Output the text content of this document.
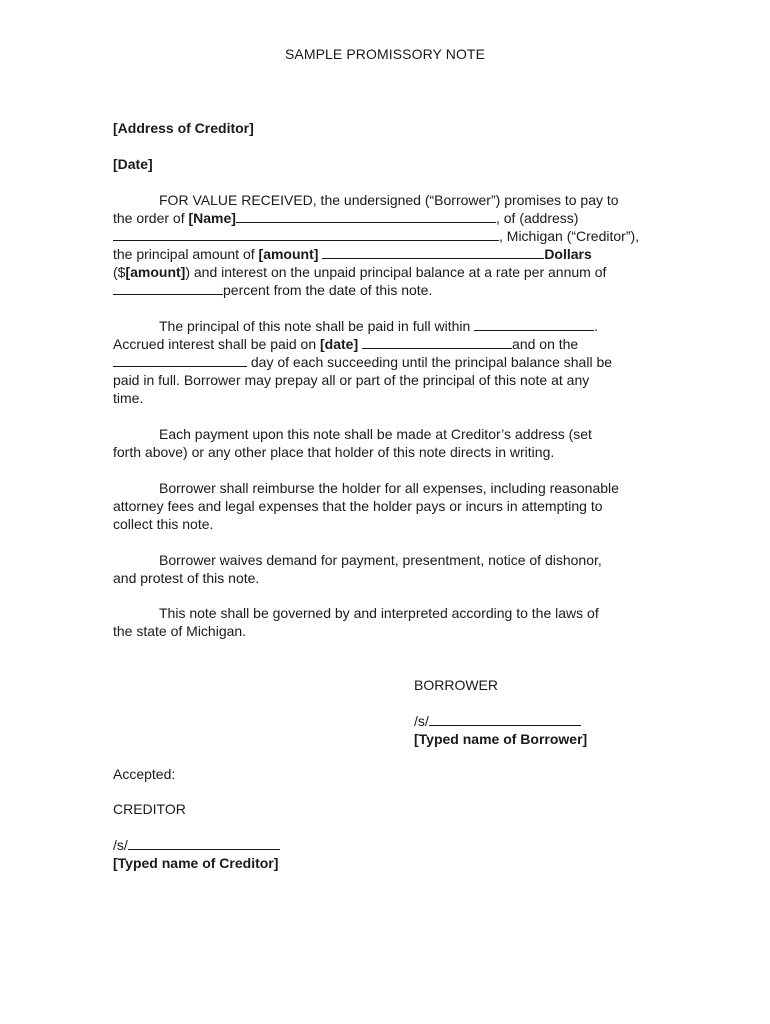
SAMPLE PROMISSORY NOTE
[Address of Creditor]
[Date]
FOR VALUE RECEIVED, the undersigned (“Borrower”) promises to pay to
the order of [Name]	, of (address)
, Michigan (“Creditor”),
the principal amount of [amount]	Dollars
($[amount]) and interest on the unpaid principal balance at a rate per annum of
percent from the date of this note.
The principal of this note shall be paid in full within	.
Accrued interest shall be paid on [date]	and on the
day of each succeeding until the principal balance shall be
paid in full. Borrower may prepay all or part of the principal of this note at any
time.
Each payment upon this note shall be made at Creditor’s address (set
forth above) or any other place that holder of this note directs in writing.
Borrower shall reimburse the holder for all expenses, including reasonable
attorney fees and legal expenses that the holder pays or incurs in attempting to
collect this note.
Borrower waives demand for payment, presentment, notice of dishonor,
and protest of this note.
This note shall be governed by and interpreted according to the laws of
the state of Michigan.
BORROWER
/s/
[Typed name of Borrower]
Accepted:
CREDITOR
/s/
[Typed name of Creditor]
